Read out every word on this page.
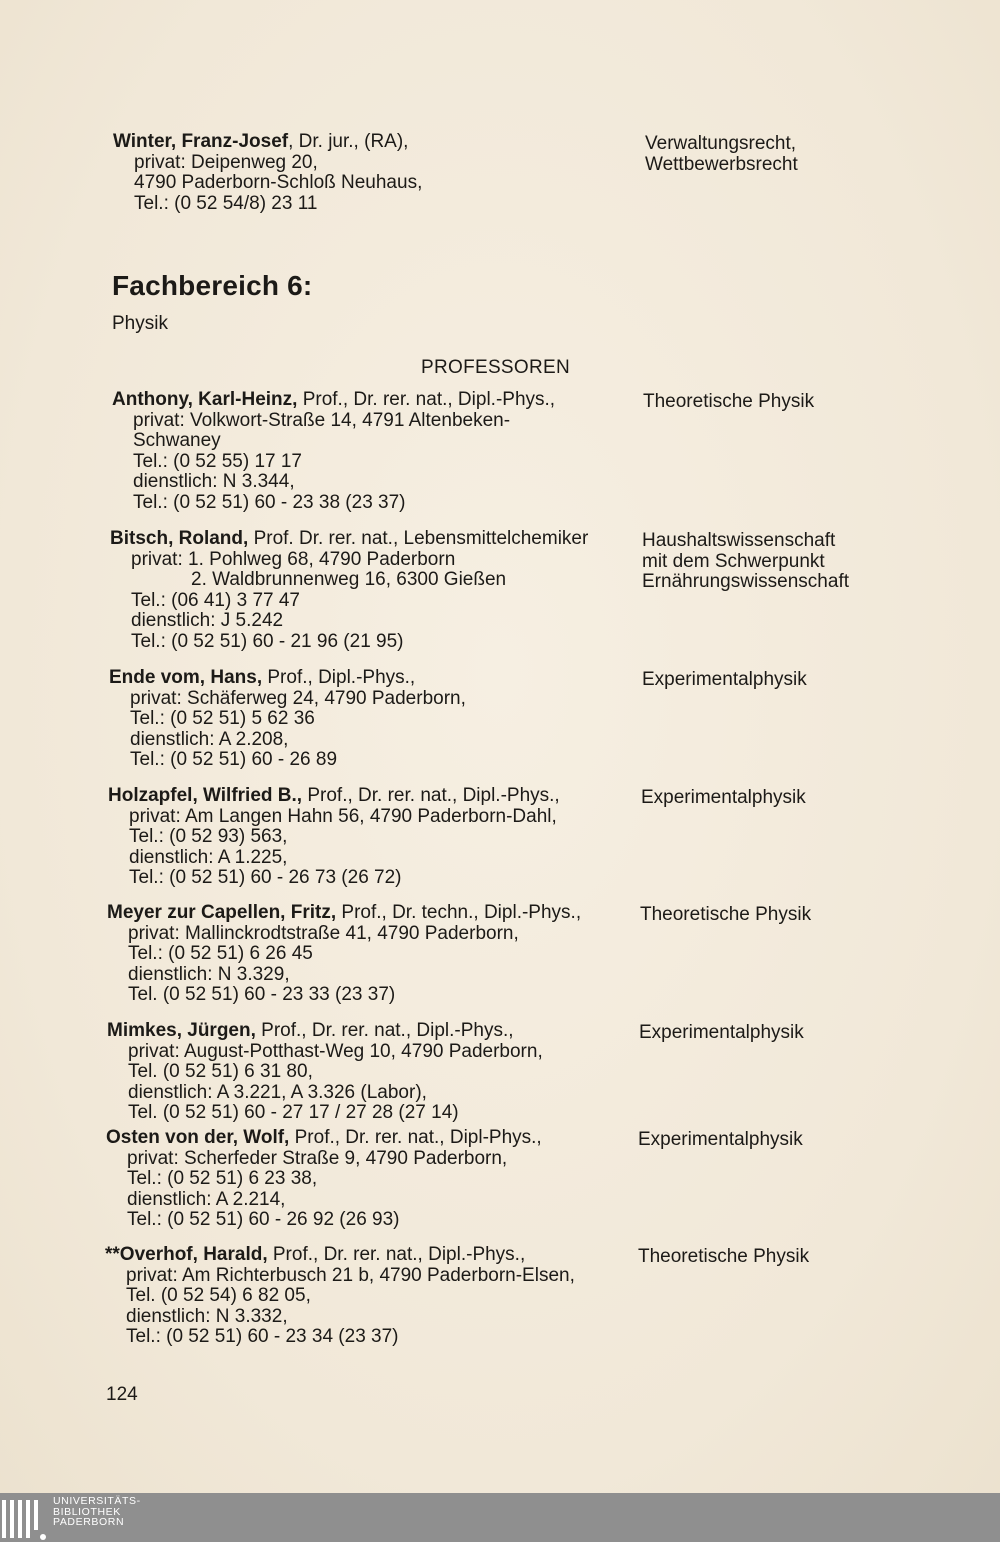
Winter, Franz-Josef, Dr. jur., (RA),
privat: Deipenweg 20,
4790 Paderborn-Schloß Neuhaus,
Tel.: (0 52 54/8) 23 11
Verwaltungsrecht,
Wettbewerbsrecht
Fachbereich 6:
Physik
PROFESSOREN
Anthony, Karl-Heinz, Prof., Dr. rer. nat., Dipl.-Phys.,
privat: Volkwort-Straße 14, 4791 Altenbeken-
Schwaney
Tel.: (0 52 55) 17 17
dienstlich: N 3.344,
Tel.: (0 52 51) 60 - 23 38 (23 37)
Theoretische Physik
Bitsch, Roland, Prof. Dr. rer. nat., Lebensmittelchemiker
privat: 1. Pohlweg 68, 4790 Paderborn
2. Waldbrunnenweg 16, 6300 Gießen
Tel.: (06 41) 3 77 47
dienstlich: J 5.242
Tel.: (0 52 51) 60 - 21 96 (21 95)
Haushaltswissenschaft
mit dem Schwerpunkt
Ernährungswissenschaft
Ende vom, Hans, Prof., Dipl.-Phys.,
privat: Schäferweg 24, 4790 Paderborn,
Tel.: (0 52 51) 5 62 36
dienstlich: A 2.208,
Tel.: (0 52 51) 60 - 26 89
Experimentalphysik
Holzapfel, Wilfried B., Prof., Dr. rer. nat., Dipl.-Phys.,
privat: Am Langen Hahn 56, 4790 Paderborn-Dahl,
Tel.: (0 52 93) 563,
dienstlich: A 1.225,
Tel.: (0 52 51) 60 - 26 73 (26 72)
Experimentalphysik
Meyer zur Capellen, Fritz, Prof., Dr. techn., Dipl.-Phys.,
privat: Mallinckrodtstraße 41, 4790 Paderborn,
Tel.: (0 52 51) 6 26 45
dienstlich: N 3.329,
Tel. (0 52 51) 60 - 23 33 (23 37)
Theoretische Physik
Mimkes, Jürgen, Prof., Dr. rer. nat., Dipl.-Phys.,
privat: August-Potthast-Weg 10, 4790 Paderborn,
Tel. (0 52 51) 6 31 80,
dienstlich: A 3.221, A 3.326 (Labor),
Tel. (0 52 51) 60 - 27 17 / 27 28 (27 14)
Experimentalphysik
Osten von der, Wolf, Prof., Dr. rer. nat., Dipl-Phys.,
privat: Scherfeder Straße 9, 4790 Paderborn,
Tel.: (0 52 51) 6 23 38,
dienstlich: A 2.214,
Tel.: (0 52 51) 60 - 26 92 (26 93)
Experimentalphysik
**Overhof, Harald, Prof., Dr. rer. nat., Dipl.-Phys.,
privat: Am Richterbusch 21 b, 4790 Paderborn-Elsen,
Tel. (0 52 54) 6 82 05,
dienstlich: N 3.332,
Tel.: (0 52 51) 60 - 23 34 (23 37)
Theoretische Physik
124
UNIVERSITÄTS-
BIBLIOTHEK
PADERBORN
